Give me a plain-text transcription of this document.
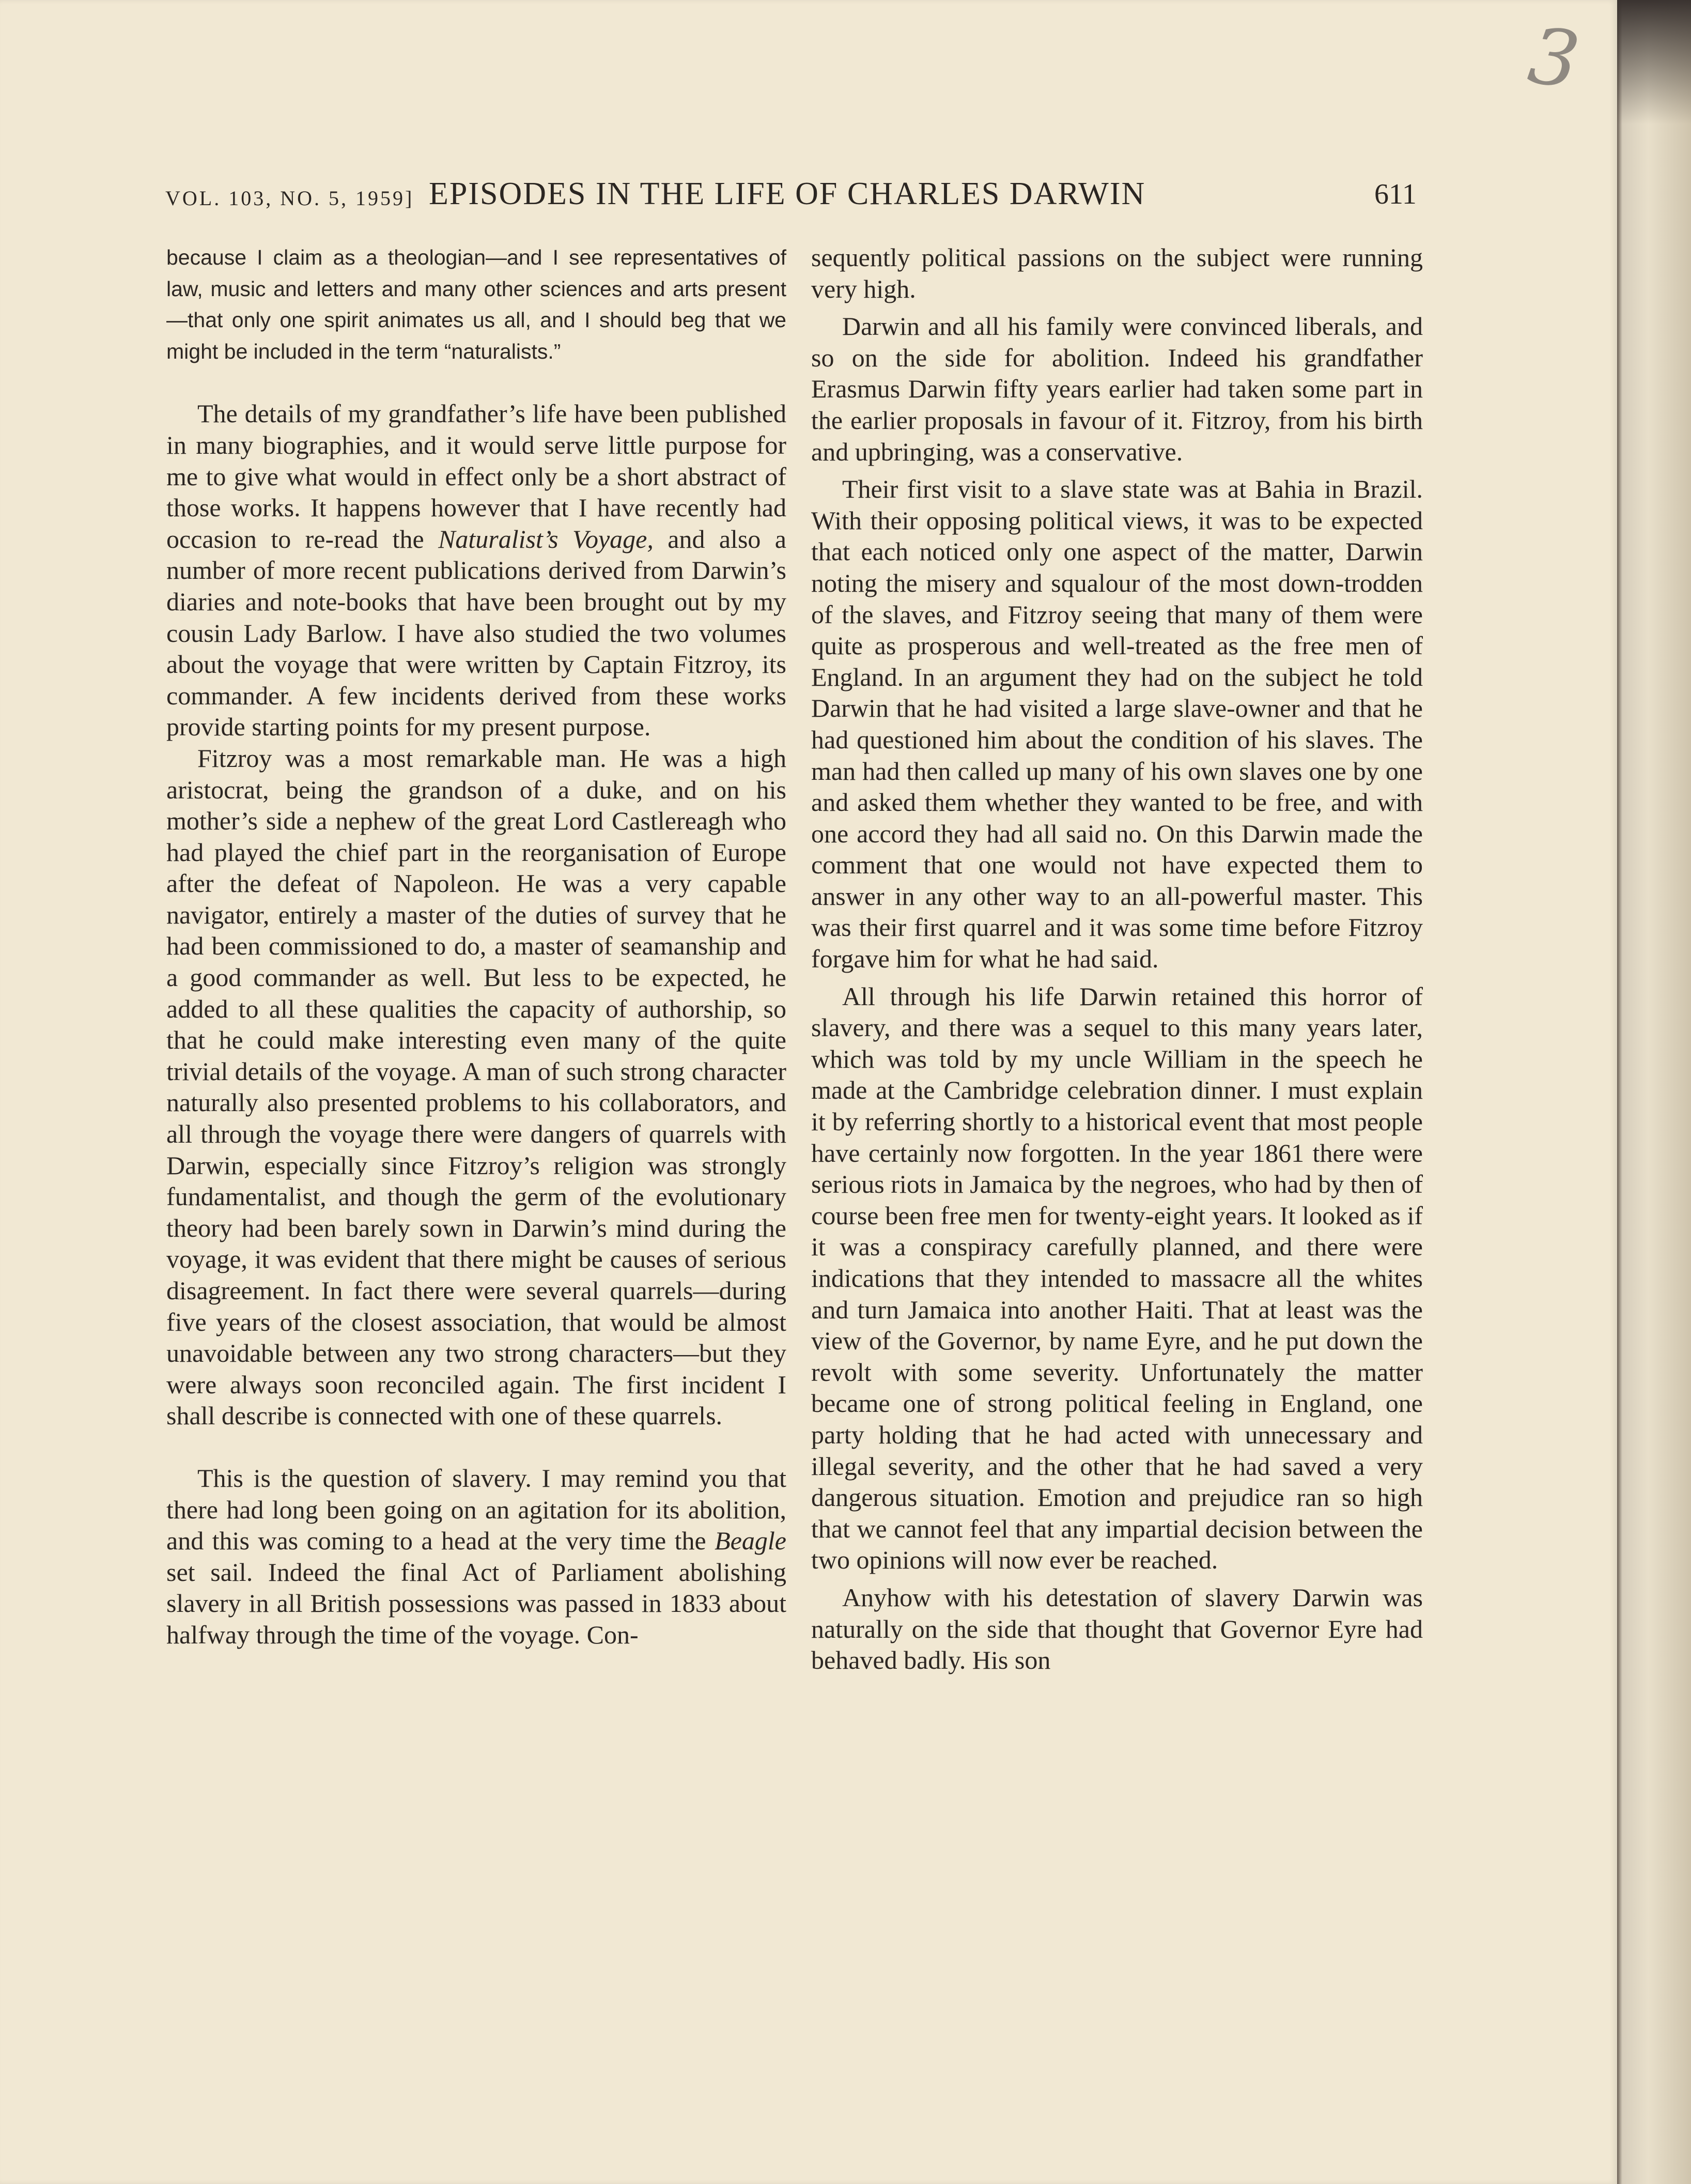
3
VOL. 103, NO. 5, 1959] EPISODES IN THE LIFE OF CHARLES DARWIN	611

because I claim as a theologian—and I see representatives of law, music and letters and many other sciences and arts present—that only one spirit animates us all, and I should beg that we might be included in the term “naturalists.”

The details of my grandfather’s life have been published in many biographies, and it would serve little purpose for me to give what would in effect only be a short abstract of those works. It happens however that I have recently had occasion to re-read the Naturalist’s Voyage, and also a number of more recent publications derived from Darwin’s diaries and note-books that have been brought out by my cousin Lady Barlow. I have also studied the two volumes about the voyage that were written by Captain Fitzroy, its commander. A few incidents derived from these works provide starting points for my present purpose.

Fitzroy was a most remarkable man. He was a high aristocrat, being the grandson of a duke, and on his mother’s side a nephew of the great Lord Castlereagh who had played the chief part in the reorganisation of Europe after the defeat of Napoleon. He was a very capable navigator, entirely a master of the duties of survey that he had been commissioned to do, a master of seamanship and a good commander as well. But less to be expected, he added to all these qualities the capacity of authorship, so that he could make interesting even many of the quite trivial details of the voyage. A man of such strong character naturally also presented problems to his collaborators, and all through the voyage there were dangers of quarrels with Darwin, especially since Fitzroy’s religion was strongly fundamentalist, and though the germ of the evolutionary theory had been barely sown in Darwin’s mind during the voyage, it was evident that there might be causes of serious disagreement. In fact there were several quarrels—during five years of the closest association, that would be almost unavoidable between any two strong characters—but they were always soon reconciled again. The first incident I shall describe is connected with one of these quarrels.

This is the question of slavery. I may remind you that there had long been going on an agitation for its abolition, and this was coming to a head at the very time the Beagle set sail. Indeed the final Act of Parliament abolishing slavery in all British possessions was passed in 1833 about halfway through the time of the voyage. Con-

sequently political passions on the subject were running very high.

Darwin and all his family were convinced liberals, and so on the side for abolition. Indeed his grandfather Erasmus Darwin fifty years earlier had taken some part in the earlier proposals in favour of it. Fitzroy, from his birth and upbringing, was a conservative.

Their first visit to a slave state was at Bahia in Brazil. With their opposing political views, it was to be expected that each noticed only one aspect of the matter, Darwin noting the misery and squalour of the most down-trodden of the slaves, and Fitzroy seeing that many of them were quite as prosperous and well-treated as the free men of England. In an argument they had on the subject he told Darwin that he had visited a large slave-owner and that he had questioned him about the condition of his slaves. The man had then called up many of his own slaves one by one and asked them whether they wanted to be free, and with one accord they had all said no. On this Darwin made the comment that one would not have expected them to answer in any other way to an all-powerful master. This was their first quarrel and it was some time before Fitzroy forgave him for what he had said.

All through his life Darwin retained this horror of slavery, and there was a sequel to this many years later, which was told by my uncle William in the speech he made at the Cambridge celebration dinner. I must explain it by referring shortly to a historical event that most people have certainly now forgotten. In the year 1861 there were serious riots in Jamaica by the negroes, who had by then of course been free men for twenty-eight years. It looked as if it was a conspiracy carefully planned, and there were indications that they intended to massacre all the whites and turn Jamaica into another Haiti. That at least was the view of the Governor, by name Eyre, and he put down the revolt with some severity. Unfortunately the matter became one of strong political feeling in England, one party holding that he had acted with unnecessary and illegal severity, and the other that he had saved a very dangerous situation. Emotion and prejudice ran so high that we cannot feel that any impartial decision between the two opinions will now ever be reached.

Anyhow with his detestation of slavery Darwin was naturally on the side that thought that Governor Eyre had behaved badly. His son
